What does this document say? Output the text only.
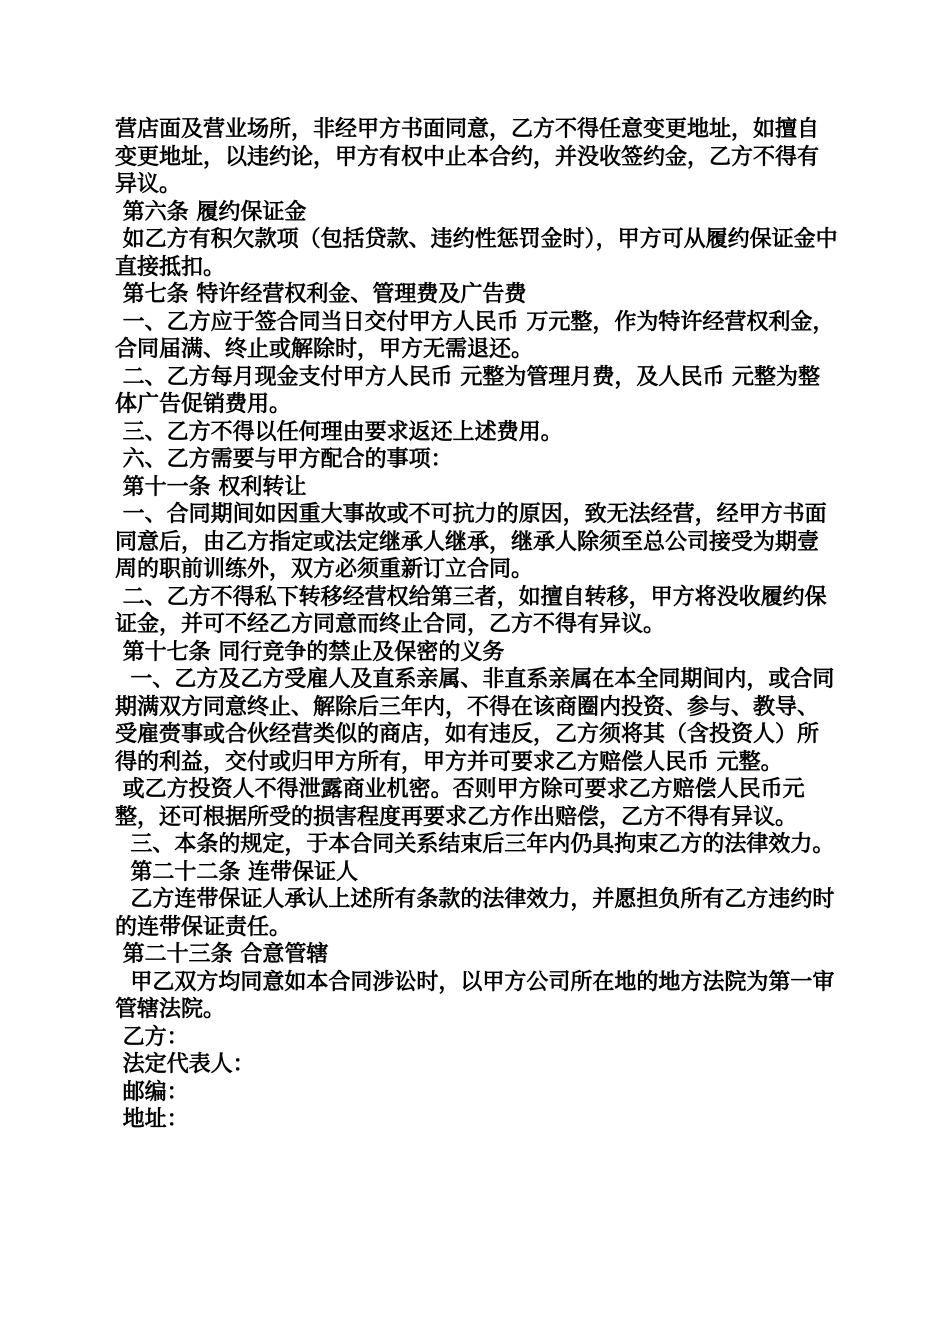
营店面及营业场所，非经甲方书面同意，乙方不得任意变更地址，如擅自变更地址，以违约论，甲方有权中止本合约，并没收签约金，乙方不得有异议。

第六条 履约保证金

如乙方有积欠款项（包括贷款、违约性惩罚金时），甲方可从履约保证金中直接抵扣。

第七条 特许经营权利金、管理费及广告费

一、乙方应于签合同当日交付甲方人民币 万元整，作为特许经营权利金，合同届满、终止或解除时，甲方无需退还。

二、乙方每月现金支付甲方人民币 元整为管理月费，及人民币 元整为整体广告促销费用。

三、乙方不得以任何理由要求返还上述费用。

六、乙方需要与甲方配合的事项：

第十一条 权利转让

一、合同期间如因重大事故或不可抗力的原因，致无法经营，经甲方书面同意后，由乙方指定或法定继承人继承，继承人除须至总公司接受为期壹周的职前训练外，双方必须重新订立合同。

二、乙方不得私下转移经营权给第三者，如擅自转移，甲方将没收履约保证金，并可不经乙方同意而终止合同，乙方不得有异议。

第十七条 同行竞争的禁止及保密的义务

一、乙方及乙方受雇人及直系亲属、非直系亲属在本全同期间内，或合同期满双方同意终止、解除后三年内，不得在该商圈内投资、参与、教导、受雇赍事或合伙经营类似的商店，如有违反，乙方须将其（含投资人）所得的利益，交付或归甲方所有，甲方并可要求乙方赔偿人民币 元整。

或乙方投资人不得泄露商业机密。否则甲方除可要求乙方赔偿人民币元整，还可根据所受的损害程度再要求乙方作出赔偿，乙方不得有异议。

三、本条的规定，于本合同关系结束后三年内仍具拘束乙方的法律效力。

第二十二条 连带保证人

乙方连带保证人承认上述所有条款的法律效力，并愿担负所有乙方违约时的连带保证责任。

第二十三条 合意管辖

甲乙双方均同意如本合同涉讼时，以甲方公司所在地的地方法院为第一审管辖法院。

乙方：

法定代表人：

邮编：

地址：
